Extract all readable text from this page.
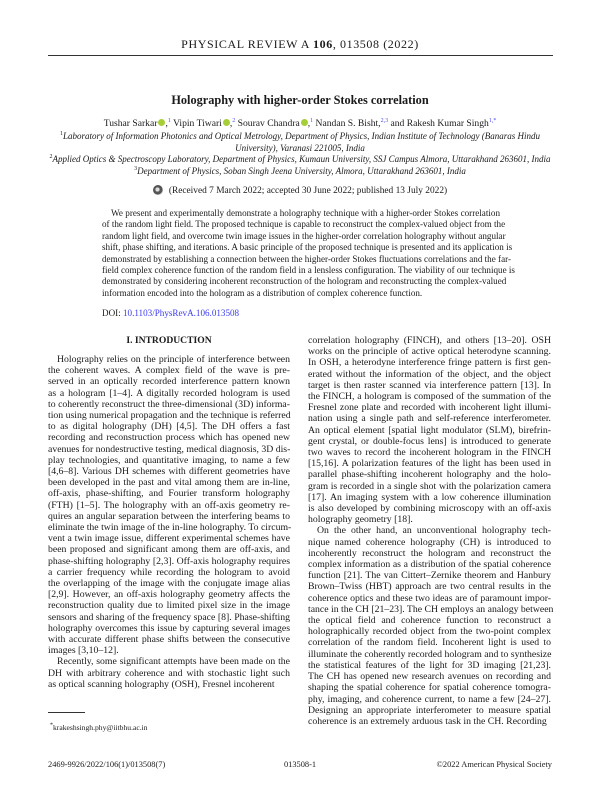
PHYSICAL REVIEW A 106, 013508 (2022)
Holography with higher-order Stokes correlation
Tushar Sarkar ,$^1$ Vipin Tiwari ,$^2$ Sourav Chandra ,$^1$ Nandan S. Bisht,$^{2,3}$ and Rakesh Kumar Singh$^{1,*}$
$^1$Laboratory of Information Photonics and Optical Metrology, Department of Physics, Indian Institute of Technology (Banaras Hindu
University), Varanasi 221005, India
$^2$Applied Optics & Spectroscopy Laboratory, Department of Physics, Kumaun University, SSJ Campus Almora, Uttarakhand 263601, India
$^3$Department of Physics, Soban Singh Jeena University, Almora, Uttarakhand 263601, India
(Received 7 March 2022; accepted 30 June 2022; published 13 July 2022)
We present and experimentally demonstrate a holography technique with a higher-order Stokes correlation
of the random light field. The proposed technique is capable to reconstruct the complex-valued object from the
random light field, and overcome twin image issues in the higher-order correlation holography without angular
shift, phase shifting, and iterations. A basic principle of the proposed technique is presented and its application is
demonstrated by establishing a connection between the higher-order Stokes fluctuations correlations and the far-
field complex coherence function of the random field in a lensless configuration. The viability of our technique is
demonstrated by considering incoherent reconstruction of the hologram and reconstructing the complex-valued
information encoded into the hologram as a distribution of complex coherence function.
DOI: 10.1103/PhysRevA.106.013508
I. INTRODUCTION
Holography relies on the principle of interference between
the coherent waves. A complex field of the wave is pre-
served in an optically recorded interference pattern known
as a hologram [1–4]. A digitally recorded hologram is used
to coherently reconstruct the three-dimensional (3D) informa-
tion using numerical propagation and the technique is referred
to as digital holography (DH) [4,5]. The DH offers a fast
recording and reconstruction process which has opened new
avenues for nondestructive testing, medical diagnosis, 3D dis-
play technologies, and quantitative imaging, to name a few
[4,6–8]. Various DH schemes with different geometries have
been developed in the past and vital among them are in-line,
off-axis, phase-shifting, and Fourier transform holography
(FTH) [1–5]. The holography with an off-axis geometry re-
quires an angular separation between the interfering beams to
eliminate the twin image of the in-line holography. To circum-
vent a twin image issue, different experimental schemes have
been proposed and significant among them are off-axis, and
phase-shifting holography [2,3]. Off-axis holography requires
a carrier frequency while recording the hologram to avoid
the overlapping of the image with the conjugate image alias
[2,9]. However, an off-axis holography geometry affects the
reconstruction quality due to limited pixel size in the image
sensors and sharing of the frequency space [8]. Phase-shifting
holography overcomes this issue by capturing several images
with accurate different phase shifts between the consecutive
images [3,10–12].
Recently, some significant attempts have been made on the
DH with arbitrary coherence and with stochastic light such
as optical scanning holography (OSH), Fresnel incoherent
correlation holography (FINCH), and others [13–20]. OSH
works on the principle of active optical heterodyne scanning.
In OSH, a heterodyne interference fringe pattern is first gen-
erated without the information of the object, and the object
target is then raster scanned via interference pattern [13]. In
the FINCH, a hologram is composed of the summation of the
Fresnel zone plate and recorded with incoherent light illumi-
nation using a single path and self-reference interferometer.
An optical element [spatial light modulator (SLM), birefrin-
gent crystal, or double-focus lens] is introduced to generate
two waves to record the incoherent hologram in the FINCH
[15,16]. A polarization features of the light has been used in
parallel phase-shifting incoherent holography and the holo-
gram is recorded in a single shot with the polarization camera
[17]. An imaging system with a low coherence illumination
is also developed by combining microscopy with an off-axis
holography geometry [18].
On the other hand, an unconventional holography tech-
nique named coherence holography (CH) is introduced to
incoherently reconstruct the hologram and reconstruct the
complex information as a distribution of the spatial coherence
function [21]. The van Cittert–Zernike theorem and Hanbury
Brown–Twiss (HBT) approach are two central results in the
coherence optics and these two ideas are of paramount impor-
tance in the CH [21–23]. The CH employs an analogy between
the optical field and coherence function to reconstruct a
holographically recorded object from the two-point complex
correlation of the random field. Incoherent light is used to
illuminate the coherently recorded hologram and to synthesize
the statistical features of the light for 3D imaging [21,23].
The CH has opened new research avenues on recording and
shaping the spatial coherence for spatial coherence tomogra-
phy, imaging, and coherence current, to name a few [24–27].
Designing an appropriate interferometer to measure spatial
coherence is an extremely arduous task in the CH. Recording
*krakeshsingh.phy@iitbhu.ac.in
2469-9926/2022/106(1)/013508(7)	013508-1	©2022 American Physical Society
